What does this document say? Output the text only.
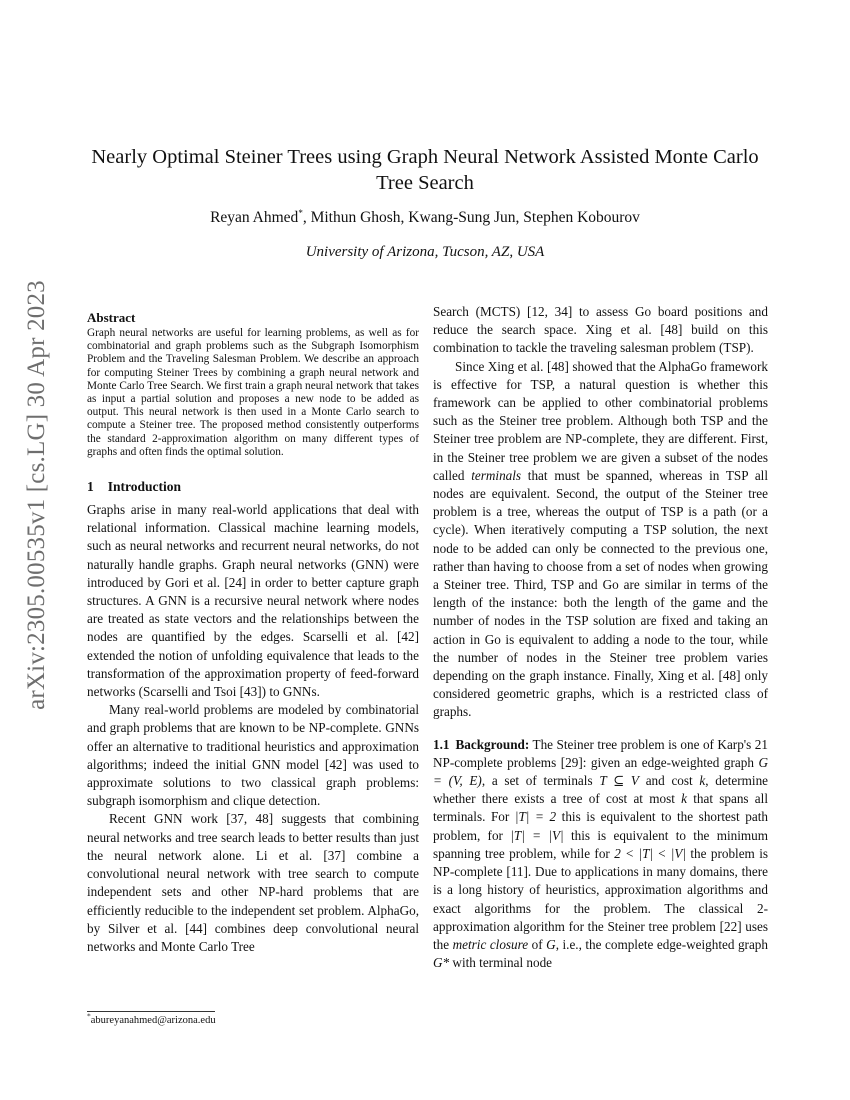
arXiv:2305.00535v1 [cs.LG] 30 Apr 2023
Nearly Optimal Steiner Trees using Graph Neural Network Assisted Monte Carlo Tree Search
Reyan Ahmed*, Mithun Ghosh, Kwang-Sung Jun, Stephen Kobourov
University of Arizona, Tucson, AZ, USA
Abstract

Graph neural networks are useful for learning problems, as well as for combinatorial and graph problems such as the Subgraph Isomorphism Problem and the Traveling Salesman Problem. We describe an approach for computing Steiner Trees by combining a graph neural network and Monte Carlo Tree Search. We first train a graph neural network that takes as input a partial solution and proposes a new node to be added as output. This neural network is then used in a Monte Carlo search to compute a Steiner tree. The proposed method consistently outperforms the standard 2-approximation algorithm on many different types of graphs and often finds the optimal solution.

1 Introduction

Graphs arise in many real-world applications that deal with relational information. Classical machine learning models, such as neural networks and recurrent neural networks, do not naturally handle graphs. Graph neural networks (GNN) were introduced by Gori et al. [24] in order to better capture graph structures. A GNN is a recursive neural network where nodes are treated as state vectors and the relationships between the nodes are quantified by the edges. Scarselli et al. [42] extended the notion of unfolding equivalence that leads to the transformation of the approximation property of feed-forward networks (Scarselli and Tsoi [43]) to GNNs.

Many real-world problems are modeled by combinatorial and graph problems that are known to be NP-complete. GNNs offer an alternative to traditional heuristics and approximation algorithms; indeed the initial GNN model [42] was used to approximate solutions to two classical graph problems: subgraph isomorphism and clique detection.

Recent GNN work [37, 48] suggests that combining neural networks and tree search leads to better results than just the neural network alone. Li et al. [37] combine a convolutional neural network with tree search to compute independent sets and other NP-hard problems that are efficiently reducible to the independent set problem. AlphaGo, by Silver et al. [44] combines deep convolutional neural networks and Monte Carlo Tree

Search (MCTS) [12, 34] to assess Go board positions and reduce the search space. Xing et al. [48] build on this combination to tackle the traveling salesman problem (TSP).

Since Xing et al. [48] showed that the AlphaGo framework is effective for TSP, a natural question is whether this framework can be applied to other combinatorial problems such as the Steiner tree problem. Although both TSP and the Steiner tree problem are NP-complete, they are different. First, in the Steiner tree problem we are given a subset of the nodes called terminals that must be spanned, whereas in TSP all nodes are equivalent. Second, the output of the Steiner tree problem is a tree, whereas the output of TSP is a path (or a cycle). When iteratively computing a TSP solution, the next node to be added can only be connected to the previous one, rather than having to choose from a set of nodes when growing a Steiner tree. Third, TSP and Go are similar in terms of the length of the instance: both the length of the game and the number of nodes in the TSP solution are fixed and taking an action in Go is equivalent to adding a node to the tour, while the number of nodes in the Steiner tree problem varies depending on the graph instance. Finally, Xing et al. [48] only considered geometric graphs, which is a restricted class of graphs.

1.1 Background: The Steiner tree problem is one of Karp's 21 NP-complete problems [29]: given an edge-weighted graph G = (V, E), a set of terminals T ⊆ V and cost k, determine whether there exists a tree of cost at most k that spans all terminals. For |T| = 2 this is equivalent to the shortest path problem, for |T| = |V| this is equivalent to the minimum spanning tree problem, while for 2 < |T| < |V| the problem is NP-complete [11]. Due to applications in many domains, there is a long history of heuristics, approximation algorithms and exact algorithms for the problem. The classical 2-approximation algorithm for the Steiner tree problem [22] uses the metric closure of G, i.e., the complete edge-weighted graph G* with terminal node

*abureyanahmed@arizona.edu
